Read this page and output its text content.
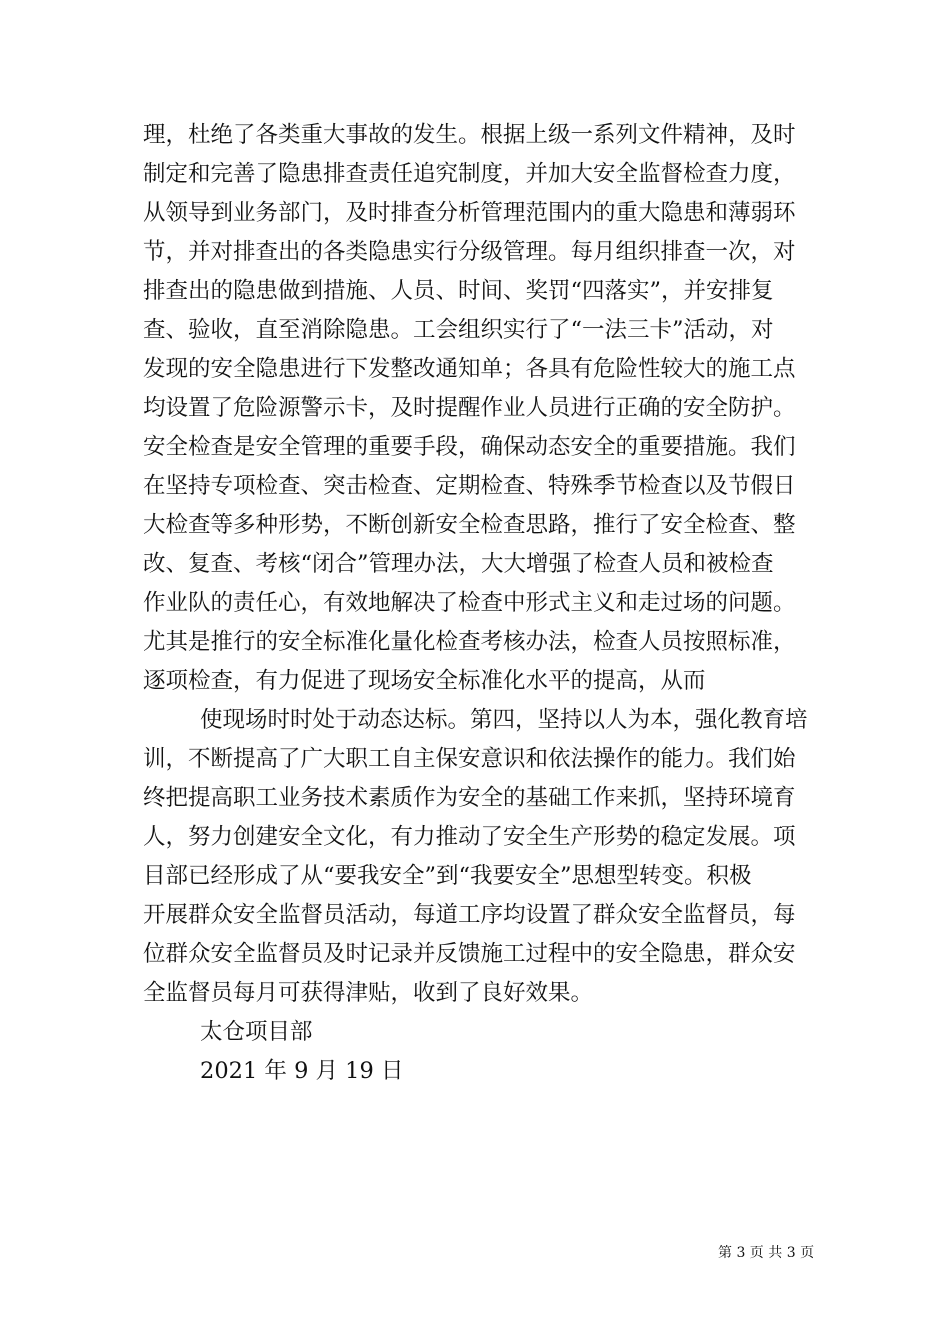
理，杜绝了各类重大事故的发生。根据上级一系列文件精神，及时
制定和完善了隐患排查责任追究制度，并加大安全监督检查力度，
从领导到业务部门，及时排查分析管理范围内的重大隐患和薄弱环
节，并对排查出的各类隐患实行分级管理。每月组织排查一次，对
排查出的隐患做到措施、人员、时间、奖罚“四落实”，并安排复
查、验收，直至消除隐患。工会组织实行了“一法三卡”活动，对
发现的安全隐患进行下发整改通知单；各具有危险性较大的施工点
均设置了危险源警示卡，及时提醒作业人员进行正确的安全防护。
安全检查是安全管理的重要手段，确保动态安全的重要措施。我们
在坚持专项检查、突击检查、定期检查、特殊季节检查以及节假日
大检查等多种形势，不断创新安全检查思路，推行了安全检查、整
改、复查、考核“闭合”管理办法，大大增强了检查人员和被检查
作业队的责任心，有效地解决了检查中形式主义和走过场的问题。
尤其是推行的安全标准化量化检查考核办法，检查人员按照标准，
逐项检查，有力促进了现场安全标准化水平的提高，从而
使现场时时处于动态达标。第四，坚持以人为本，强化教育培
训，不断提高了广大职工自主保安意识和依法操作的能力。我们始
终把提高职工业务技术素质作为安全的基础工作来抓，坚持环境育
人，努力创建安全文化，有力推动了安全生产形势的稳定发展。项
目部已经形成了从“要我安全”到“我要安全”思想型转变。积极
开展群众安全监督员活动，每道工序均设置了群众安全监督员，每
位群众安全监督员及时记录并反馈施工过程中的安全隐患，群众安
全监督员每月可获得津贴，收到了良好效果。
太仓项目部
2021 年 9 月 19 日
第 3 页 共 3 页
